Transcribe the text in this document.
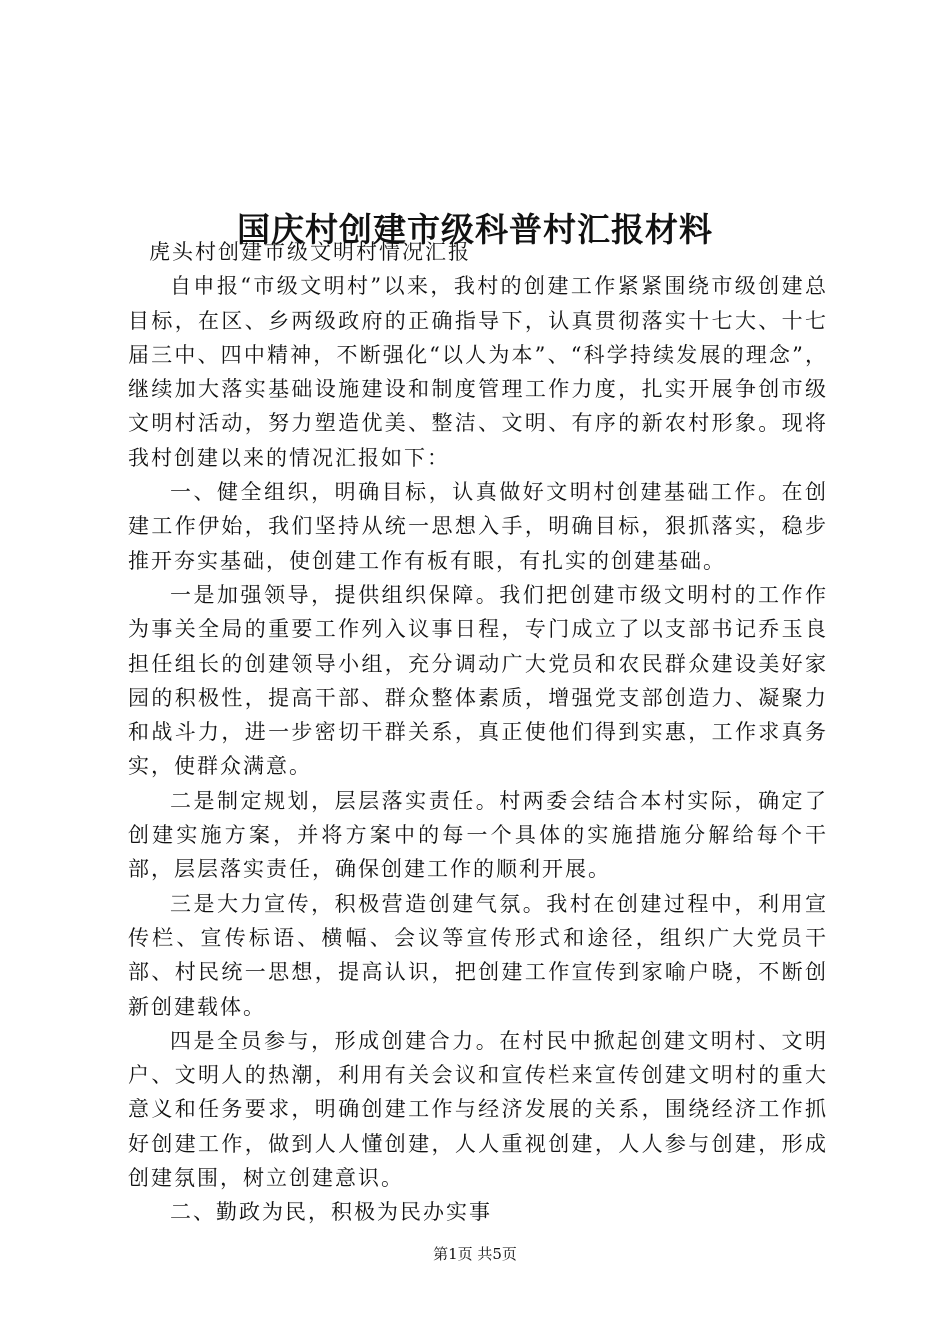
国庆村创建市级科普村汇报材料

虎头村创建市级文明村情况汇报

自申报“市级文明村”以来，我村的创建工作紧紧围绕市级创建总目标，在区、乡两级政府的正确指导下，认真贯彻落实十七大、十七届三中、四中精神，不断强化“以人为本”、“科学持续发展的理念”，继续加大落实基础设施建设和制度管理工作力度，扎实开展争创市级文明村活动，努力塑造优美、整洁、文明、有序的新农村形象。现将我村创建以来的情况汇报如下：

一、健全组织，明确目标，认真做好文明村创建基础工作。在创建工作伊始，我们坚持从统一思想入手，明确目标，狠抓落实，稳步推开夯实基础，使创建工作有板有眼，有扎实的创建基础。

一是加强领导，提供组织保障。我们把创建市级文明村的工作作为事关全局的重要工作列入议事日程，专门成立了以支部书记乔玉良担任组长的创建领导小组，充分调动广大党员和农民群众建设美好家园的积极性，提高干部、群众整体素质，增强党支部创造力、凝聚力和战斗力，进一步密切干群关系，真正使他们得到实惠，工作求真务实，使群众满意。

二是制定规划，层层落实责任。村两委会结合本村实际，确定了创建实施方案，并将方案中的每一个具体的实施措施分解给每个干部，层层落实责任，确保创建工作的顺利开展。

三是大力宣传，积极营造创建气氛。我村在创建过程中，利用宣传栏、宣传标语、横幅、会议等宣传形式和途径，组织广大党员干部、村民统一思想，提高认识，把创建工作宣传到家喻户晓，不断创新创建载体。

四是全员参与，形成创建合力。在村民中掀起创建文明村、文明户、文明人的热潮，利用有关会议和宣传栏来宣传创建文明村的重大意义和任务要求，明确创建工作与经济发展的关系，围绕经济工作抓好创建工作，做到人人懂创建，人人重视创建，人人参与创建，形成创建氛围，树立创建意识。

二、勤政为民，积极为民办实事

第1页 共5页
